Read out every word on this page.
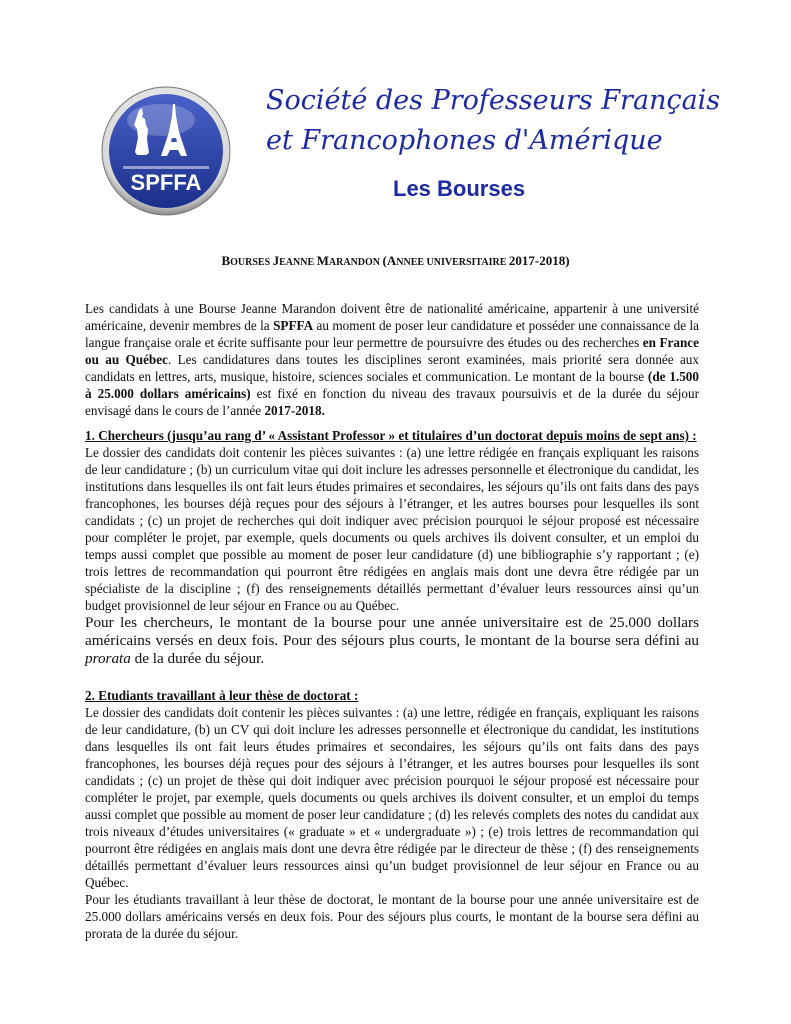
SPFFA
Société des Professeurs Français
et Francophones d'Amérique
Les Bourses
BOURSES JEANNE MARANDON (ANNEE UNIVERSITAIRE 2017-2018)

Les candidats à une Bourse Jeanne Marandon doivent être de nationalité américaine, appartenir à une université américaine, devenir membres de la SPFFA au moment de poser leur candidature et posséder une connaissance de la langue française orale et écrite suffisante pour leur permettre de poursuivre des études ou des recherches en France ou au Québec. Les candidatures dans toutes les disciplines seront examinées, mais priorité sera donnée aux candidats en lettres, arts, musique, histoire, sciences sociales et communication. Le montant de la bourse (de 1.500 à 25.000 dollars américains) est fixé en fonction du niveau des travaux poursuivis et de la durée du séjour envisagé dans le cours de l’année 2017-2018.

1. Chercheurs (jusqu’au rang d’ « Assistant Professor » et titulaires d’un doctorat depuis moins de sept ans) :

Le dossier des candidats doit contenir les pièces suivantes : (a) une lettre rédigée en français expliquant les raisons de leur candidature ; (b) un curriculum vitae qui doit inclure les adresses personnelle et électronique du candidat, les institutions dans lesquelles ils ont fait leurs études primaires et secondaires, les séjours qu’ils ont faits dans des pays francophones, les bourses déjà reçues pour des séjours à l’étranger, et les autres bourses pour lesquelles ils sont candidats ; (c) un projet de recherches qui doit indiquer avec précision pourquoi le séjour proposé est nécessaire pour compléter le projet, par exemple, quels documents ou quels archives ils doivent consulter, et un emploi du temps aussi complet que possible au moment de poser leur candidature (d) une bibliographie s’y rapportant ; (e) trois lettres de recommandation qui pourront être rédigées en anglais mais dont une devra être rédigée par un spécialiste de la discipline ; (f) des renseignements détaillés permettant d’évaluer leurs ressources ainsi qu’un budget provisionnel de leur séjour en France ou au Québec.

Pour les chercheurs, le montant de la bourse pour une année universitaire est de 25.000 dollars américains versés en deux fois. Pour des séjours plus courts, le montant de la bourse sera défini au prorata de la durée du séjour.

2. Etudiants travaillant à leur thèse de doctorat :

Le dossier des candidats doit contenir les pièces suivantes : (a) une lettre, rédigée en français, expliquant les raisons de leur candidature, (b) un CV qui doit inclure les adresses personnelle et électronique du candidat, les institutions dans lesquelles ils ont fait leurs études primaires et secondaires, les séjours qu’ils ont faits dans des pays francophones, les bourses déjà reçues pour des séjours à l’étranger, et les autres bourses pour lesquelles ils sont candidats ; (c) un projet de thèse qui doit indiquer avec précision pourquoi le séjour proposé est nécessaire pour compléter le projet, par exemple, quels documents ou quels archives ils doivent consulter, et un emploi du temps aussi complet que possible au moment de poser leur candidature ; (d) les relevés complets des notes du candidat aux trois niveaux d’études universitaires (« graduate » et « undergraduate ») ; (e) trois lettres de recommandation qui pourront être rédigées en anglais mais dont une devra être rédigée par le directeur de thèse ; (f) des renseignements détaillés permettant d’évaluer leurs ressources ainsi qu’un budget provisionnel de leur séjour en France ou au Québec.

Pour les étudiants travaillant à leur thèse de doctorat, le montant de la bourse pour une année universitaire est de 25.000 dollars américains versés en deux fois. Pour des séjours plus courts, le montant de la bourse sera défini au prorata de la durée du séjour.
